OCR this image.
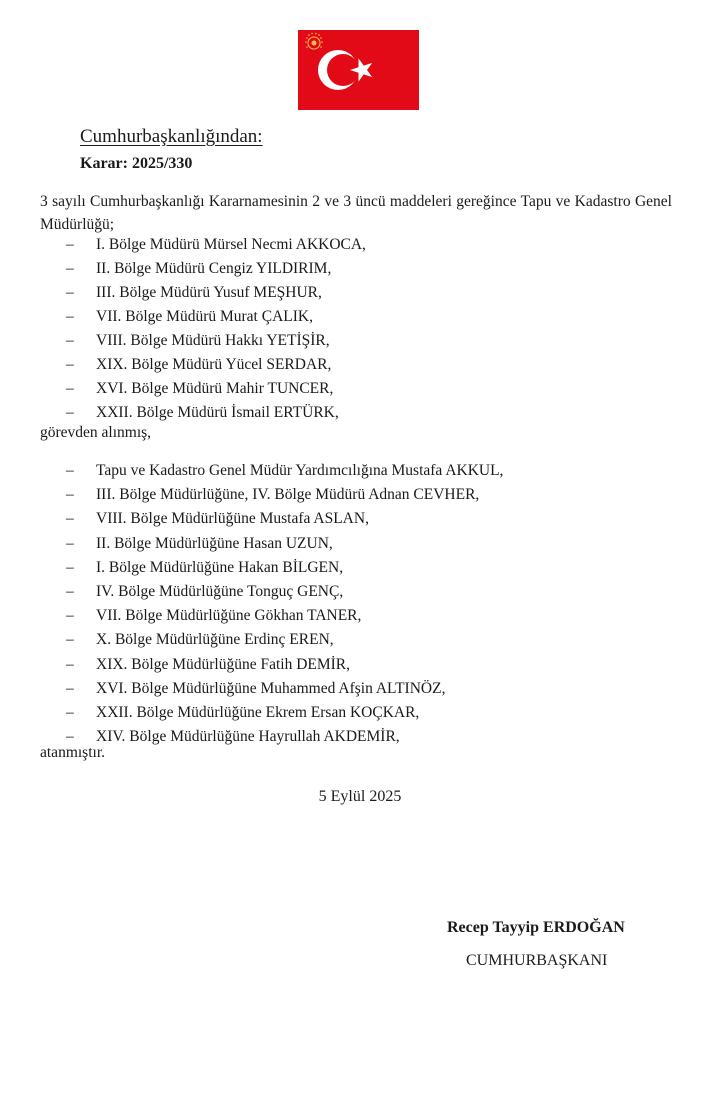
Cumhurbaşkanlığından:
Karar: 2025/330
3 sayılı Cumhurbaşkanlığı Kararnamesinin 2 ve 3 üncü maddeleri gereğince Tapu ve Kadastro Genel Müdürlüğü;
– I. Bölge Müdürü Mürsel Necmi AKKOCA,
– II. Bölge Müdürü Cengiz YILDIRIM,
– III. Bölge Müdürü Yusuf MEŞHUR,
– VII. Bölge Müdürü Murat ÇALIK,
– VIII. Bölge Müdürü Hakkı YETİŞİR,
– XIX. Bölge Müdürü Yücel SERDAR,
– XVI. Bölge Müdürü Mahir TUNCER,
– XXII. Bölge Müdürü İsmail ERTÜRK,
görevden alınmış,
– Tapu ve Kadastro Genel Müdür Yardımcılığına Mustafa AKKUL,
– III. Bölge Müdürlüğüne, IV. Bölge Müdürü Adnan CEVHER,
– VIII. Bölge Müdürlüğüne Mustafa ASLAN,
– II. Bölge Müdürlüğüne Hasan UZUN,
– I. Bölge Müdürlüğüne Hakan BİLGEN,
– IV. Bölge Müdürlüğüne Tonguç GENÇ,
– VII. Bölge Müdürlüğüne Gökhan TANER,
– X. Bölge Müdürlüğüne Erdinç EREN,
– XIX. Bölge Müdürlüğüne Fatih DEMİR,
– XVI. Bölge Müdürlüğüne Muhammed Afşin ALTINÖZ,
– XXII. Bölge Müdürlüğüne Ekrem Ersan KOÇKAR,
– XIV. Bölge Müdürlüğüne Hayrullah AKDEMİR,
atanmıştır.
5 Eylül 2025
Recep Tayyip ERDOĞAN
CUMHURBAŞKANI
